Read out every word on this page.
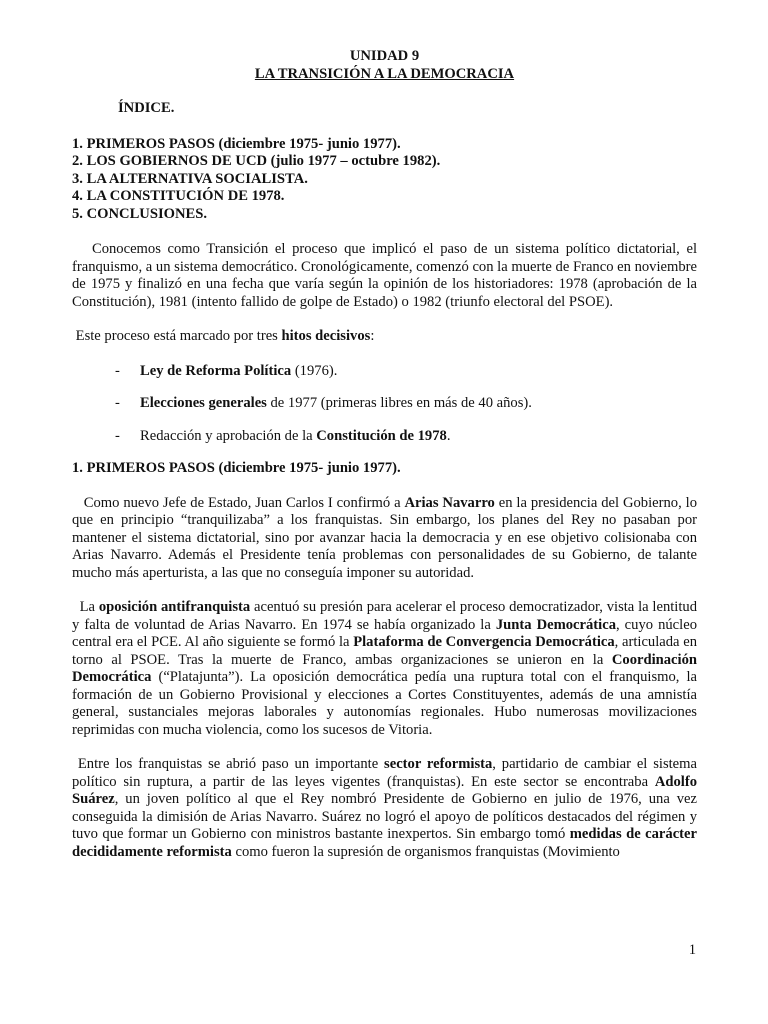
UNIDAD 9
LA TRANSICIÓN A LA DEMOCRACIA
ÍNDICE.
1. PRIMEROS PASOS (diciembre 1975- junio 1977).
2. LOS GOBIERNOS DE UCD (julio 1977 – octubre 1982).
3. LA ALTERNATIVA SOCIALISTA.
4. LA CONSTITUCIÓN DE 1978.
5. CONCLUSIONES.

Conocemos como Transición el proceso que implicó el paso de un sistema político dictatorial, el franquismo, a un sistema democrático. Cronológicamente, comenzó con la muerte de Franco en noviembre de 1975 y finalizó en una fecha que varía según la opinión de los historiadores: 1978 (aprobación de la Constitución), 1981 (intento fallido de golpe de Estado) o 1982 (triunfo electoral del PSOE).

Este proceso está marcado por tres hitos decisivos:

- Ley de Reforma Política (1976).
- Elecciones generales de 1977 (primeras libres en más de 40 años).
- Redacción y aprobación de la Constitución de 1978.
1. PRIMEROS PASOS (diciembre 1975- junio 1977).

Como nuevo Jefe de Estado, Juan Carlos I confirmó a Arias Navarro en la presidencia del Gobierno, lo que en principio “tranquilizaba” a los franquistas. Sin embargo, los planes del Rey no pasaban por mantener el sistema dictatorial, sino por avanzar hacia la democracia y en ese objetivo colisionaba con Arias Navarro. Además el Presidente tenía problemas con personalidades de su Gobierno, de talante mucho más aperturista, a las que no conseguía imponer su autoridad.

La oposición antifranquista acentuó su presión para acelerar el proceso democratizador, vista la lentitud y falta de voluntad de Arias Navarro. En 1974 se había organizado la Junta Democrática, cuyo núcleo central era el PCE. Al año siguiente se formó la Plataforma de Convergencia Democrática, articulada en torno al PSOE. Tras la muerte de Franco, ambas organizaciones se unieron en la Coordinación Democrática (“Platajunta”). La oposición democrática pedía una ruptura total con el franquismo, la formación de un Gobierno Provisional y elecciones a Cortes Constituyentes, además de una amnistía general, sustanciales mejoras laborales y autonomías regionales. Hubo numerosas movilizaciones reprimidas con mucha violencia, como los sucesos de Vitoria.

Entre los franquistas se abrió paso un importante sector reformista, partidario de cambiar el sistema político sin ruptura, a partir de las leyes vigentes (franquistas). En este sector se encontraba Adolfo Suárez, un joven político al que el Rey nombró Presidente de Gobierno en julio de 1976, una vez conseguida la dimisión de Arias Navarro. Suárez no logró el apoyo de políticos destacados del régimen y tuvo que formar un Gobierno con ministros bastante inexpertos. Sin embargo tomó medidas de carácter decididamente reformista como fueron la supresión de organismos franquistas (Movimiento

1
